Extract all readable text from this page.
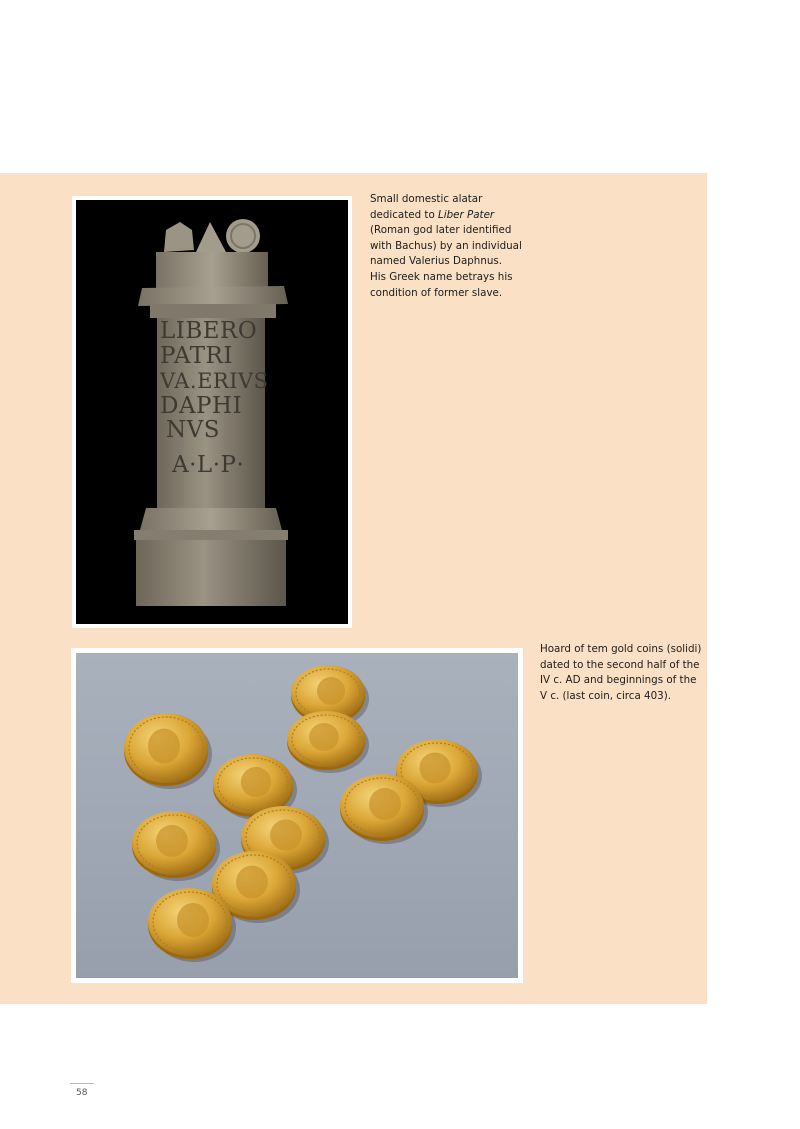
LIBERO
PATRI
VA.ERIVS
DAPHI
NVS
A·L·P·
Small domestic alatar
dedicated to Liber Pater
(Roman god later identified
with Bachus) by an individual
named Valerius Daphnus.
His Greek name betrays his
condition of former slave.
Hoard of tem gold coins (solidi)
dated to the second half of the
IV c. AD and beginnings of the
V c. (last coin, circa 403).
58
